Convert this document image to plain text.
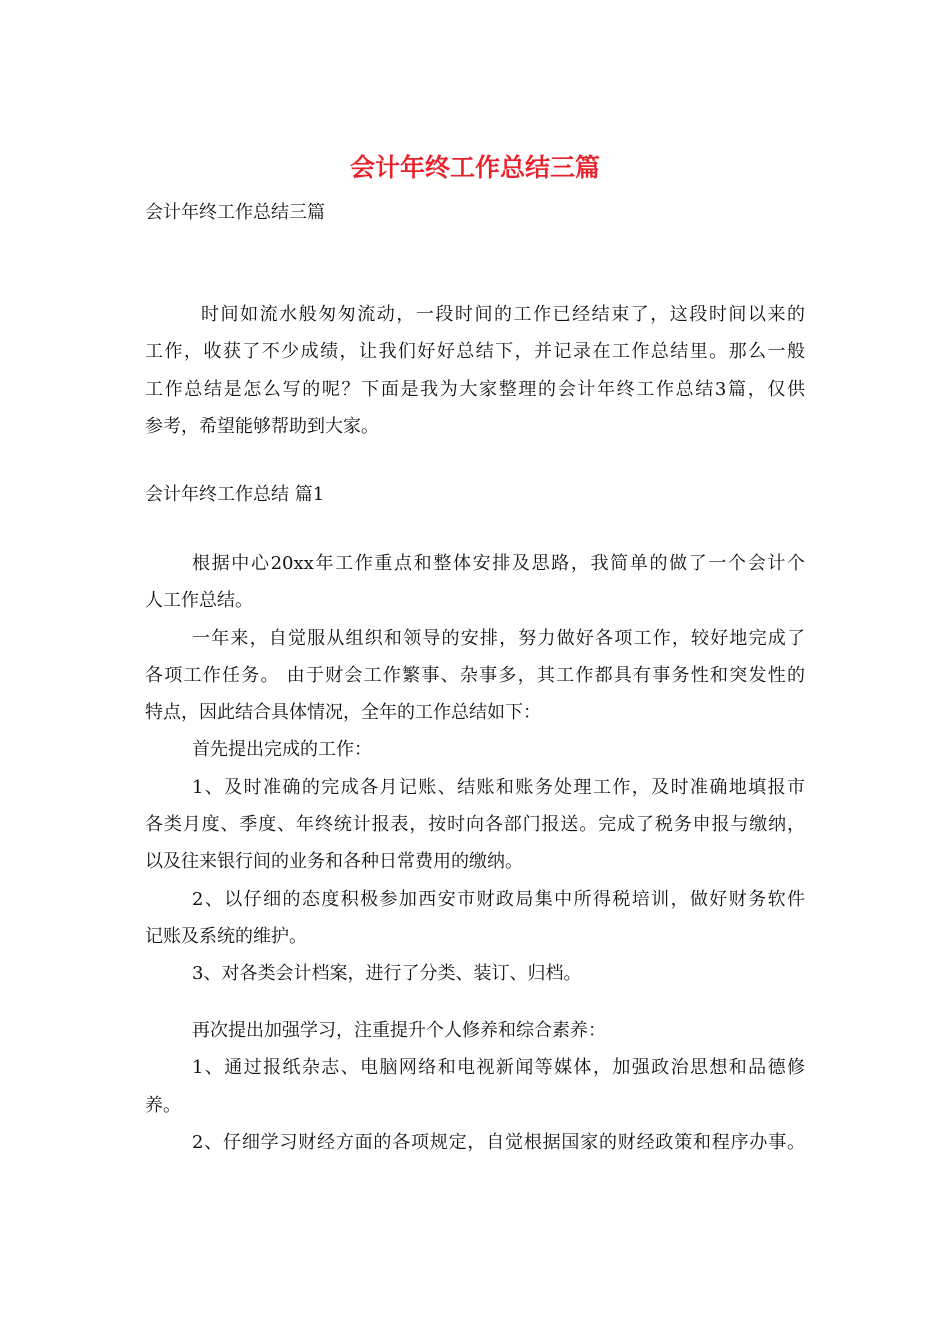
会计年终工作总结三篇

会计年终工作总结三篇

时间如流水般匆匆流动，一段时间的工作已经结束了，这段时间以来的
工作，收获了不少成绩，让我们好好总结下，并记录在工作总结里。那么一般
工作总结是怎么写的呢？下面是我为大家整理的会计年终工作总结3篇，仅供
参考，希望能够帮助到大家。

会计年终工作总结 篇1

根据中心20xx年工作重点和整体安排及思路，我简单的做了一个会计个
人工作总结。
一年来，自觉服从组织和领导的安排，努力做好各项工作，较好地完成了
各项工作任务。 由于财会工作繁事、杂事多，其工作都具有事务性和突发性的
特点，因此结合具体情况，全年的工作总结如下：
首先提出完成的工作：
1、及时准确的完成各月记账、结账和账务处理工作，及时准确地填报市
各类月度、季度、年终统计报表，按时向各部门报送。完成了税务申报与缴纳，
以及往来银行间的业务和各种日常费用的缴纳。
2、以仔细的态度积极参加西安市财政局集中所得税培训，做好财务软件
记账及系统的维护。
3、对各类会计档案，进行了分类、装订、归档。
再次提出加强学习，注重提升个人修养和综合素养：
1、通过报纸杂志、电脑网络和电视新闻等媒体，加强政治思想和品德修
养。
2、仔细学习财经方面的各项规定，自觉根据国家的财经政策和程序办事。
